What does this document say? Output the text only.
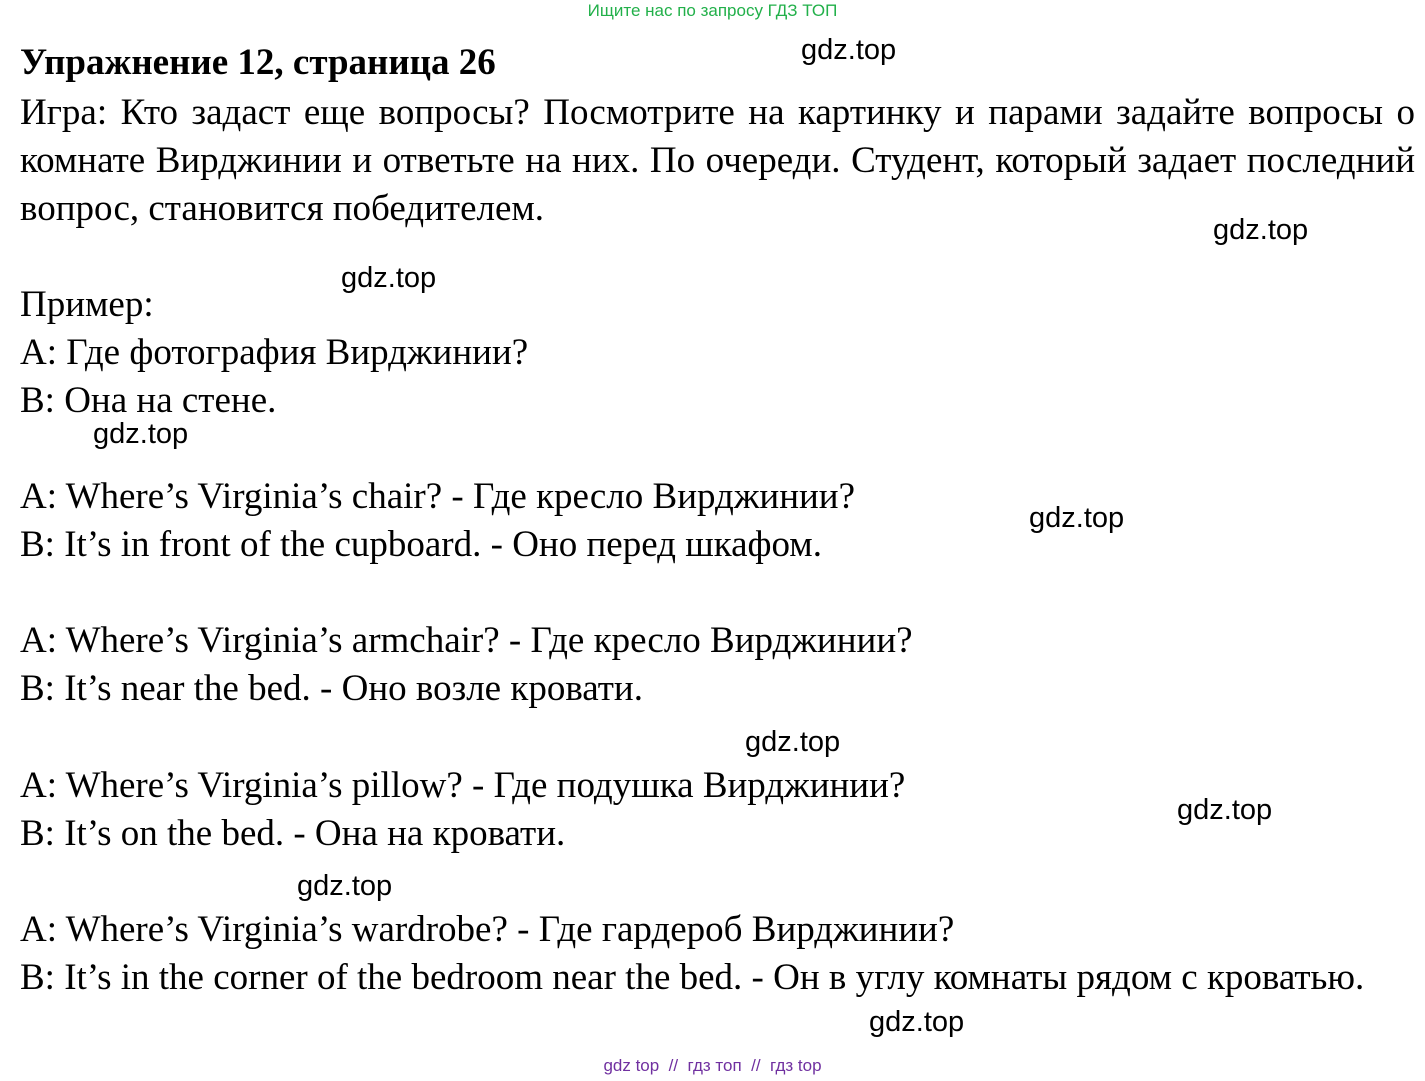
Ищите нас по запросу ГДЗ ТОП
Упражнение 12, страница 26
Игра: Кто задаст еще вопросы? Посмотрите на картинку и парами задайте вопросы о комнате Вирджинии и ответьте на них. По очереди. Студент, который задает последний вопрос, становится победителем.
Пример:
A: Где фотография Вирджинии?
B: Она на стене.
A: Where’s Virginia’s chair? - Где кресло Вирджинии?
B: It’s in front of the cupboard. - Оно перед шкафом.
A: Where’s Virginia’s armchair? - Где кресло Вирджинии?
B: It’s near the bed. - Оно возле кровати.
A: Where’s Virginia’s pillow? - Где подушка Вирджинии?
B: It’s on the bed. - Она на кровати.
A: Where’s Virginia’s wardrobe? - Где гардероб Вирджинии?
B: It’s in the corner of the bedroom near the bed. - Он в углу комнаты рядом с кроватью.
gdz.top
gdz.top
gdz.top
gdz.top
gdz.top
gdz.top
gdz.top
gdz.top
gdz.top
gdz top  //  гдз топ  //  гдз top
